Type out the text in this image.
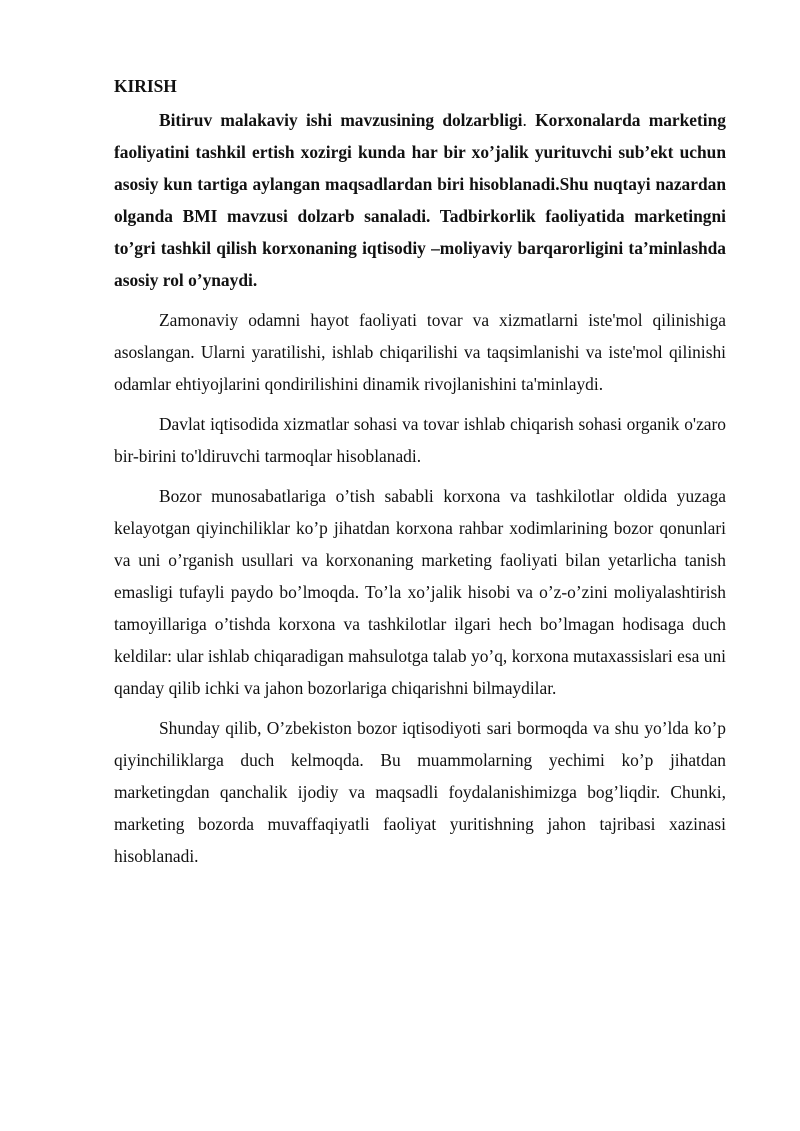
KIRISH

Bitiruv malakaviy ishi mavzusining dolzarbligi. Korxonalarda marketing faoliyatini tashkil ertish xozirgi kunda har bir xo’jalik yurituvchi sub’ekt uchun asosiy kun tartiga aylangan maqsadlardan biri hisoblanadi.Shu nuqtayi nazardan olganda BMI mavzusi dolzarb sanaladi. Tadbirkorlik faoliyatida marketingni to’gri tashkil qilish korxonaning iqtisodiy –moliyaviy barqarorligini ta’minlashda asosiy rol o’ynaydi.

Zamonaviy odamni hayot faoliyati tovar va xizmatlarni iste'mol qilinishiga asoslangan. Ularni yaratilishi, ishlab chiqarilishi va taqsimlanishi va iste'mol qilinishi odamlar ehtiyojlarini qondirilishini dinamik rivojlanishini ta'minlaydi.

Davlat iqtisodida xizmatlar sohasi va tovar ishlab chiqarish sohasi organik o'zaro bir-birini to'ldiruvchi tarmoqlar hisoblanadi.

Bozor munosabatlariga o’tish sababli korxona va tashkilotlar oldida yuzaga kelayotgan qiyinchiliklar ko’p jihatdan korxona rahbar xodimlarining bozor qonunlari va uni o’rganish usullari va korxonaning marketing faoliyati bilan yetarlicha tanish emasligi tufayli paydo bo’lmoqda. To’la xo’jalik hisobi va o’z-o’zini moliyalashtirish tamoyillariga o’tishda korxona va tashkilotlar ilgari hech bo’lmagan hodisaga duch keldilar: ular ishlab chiqaradigan mahsulotga talab yo’q, korxona mutaxassislari esa uni qanday qilib ichki va jahon bozorlariga chiqarishni bilmaydilar.

Shunday qilib, O’zbekiston bozor iqtisodiyoti sari bormoqda va shu yo’lda ko’p qiyinchiliklarga duch kelmoqda. Bu muammolarning yechimi ko’p jihatdan marketingdan qanchalik ijodiy va maqsadli foydalanishimizga bog’liqdir. Chunki, marketing bozorda muvaffaqiyatli faoliyat yuritishning jahon tajribasi xazinasi hisoblanadi.
